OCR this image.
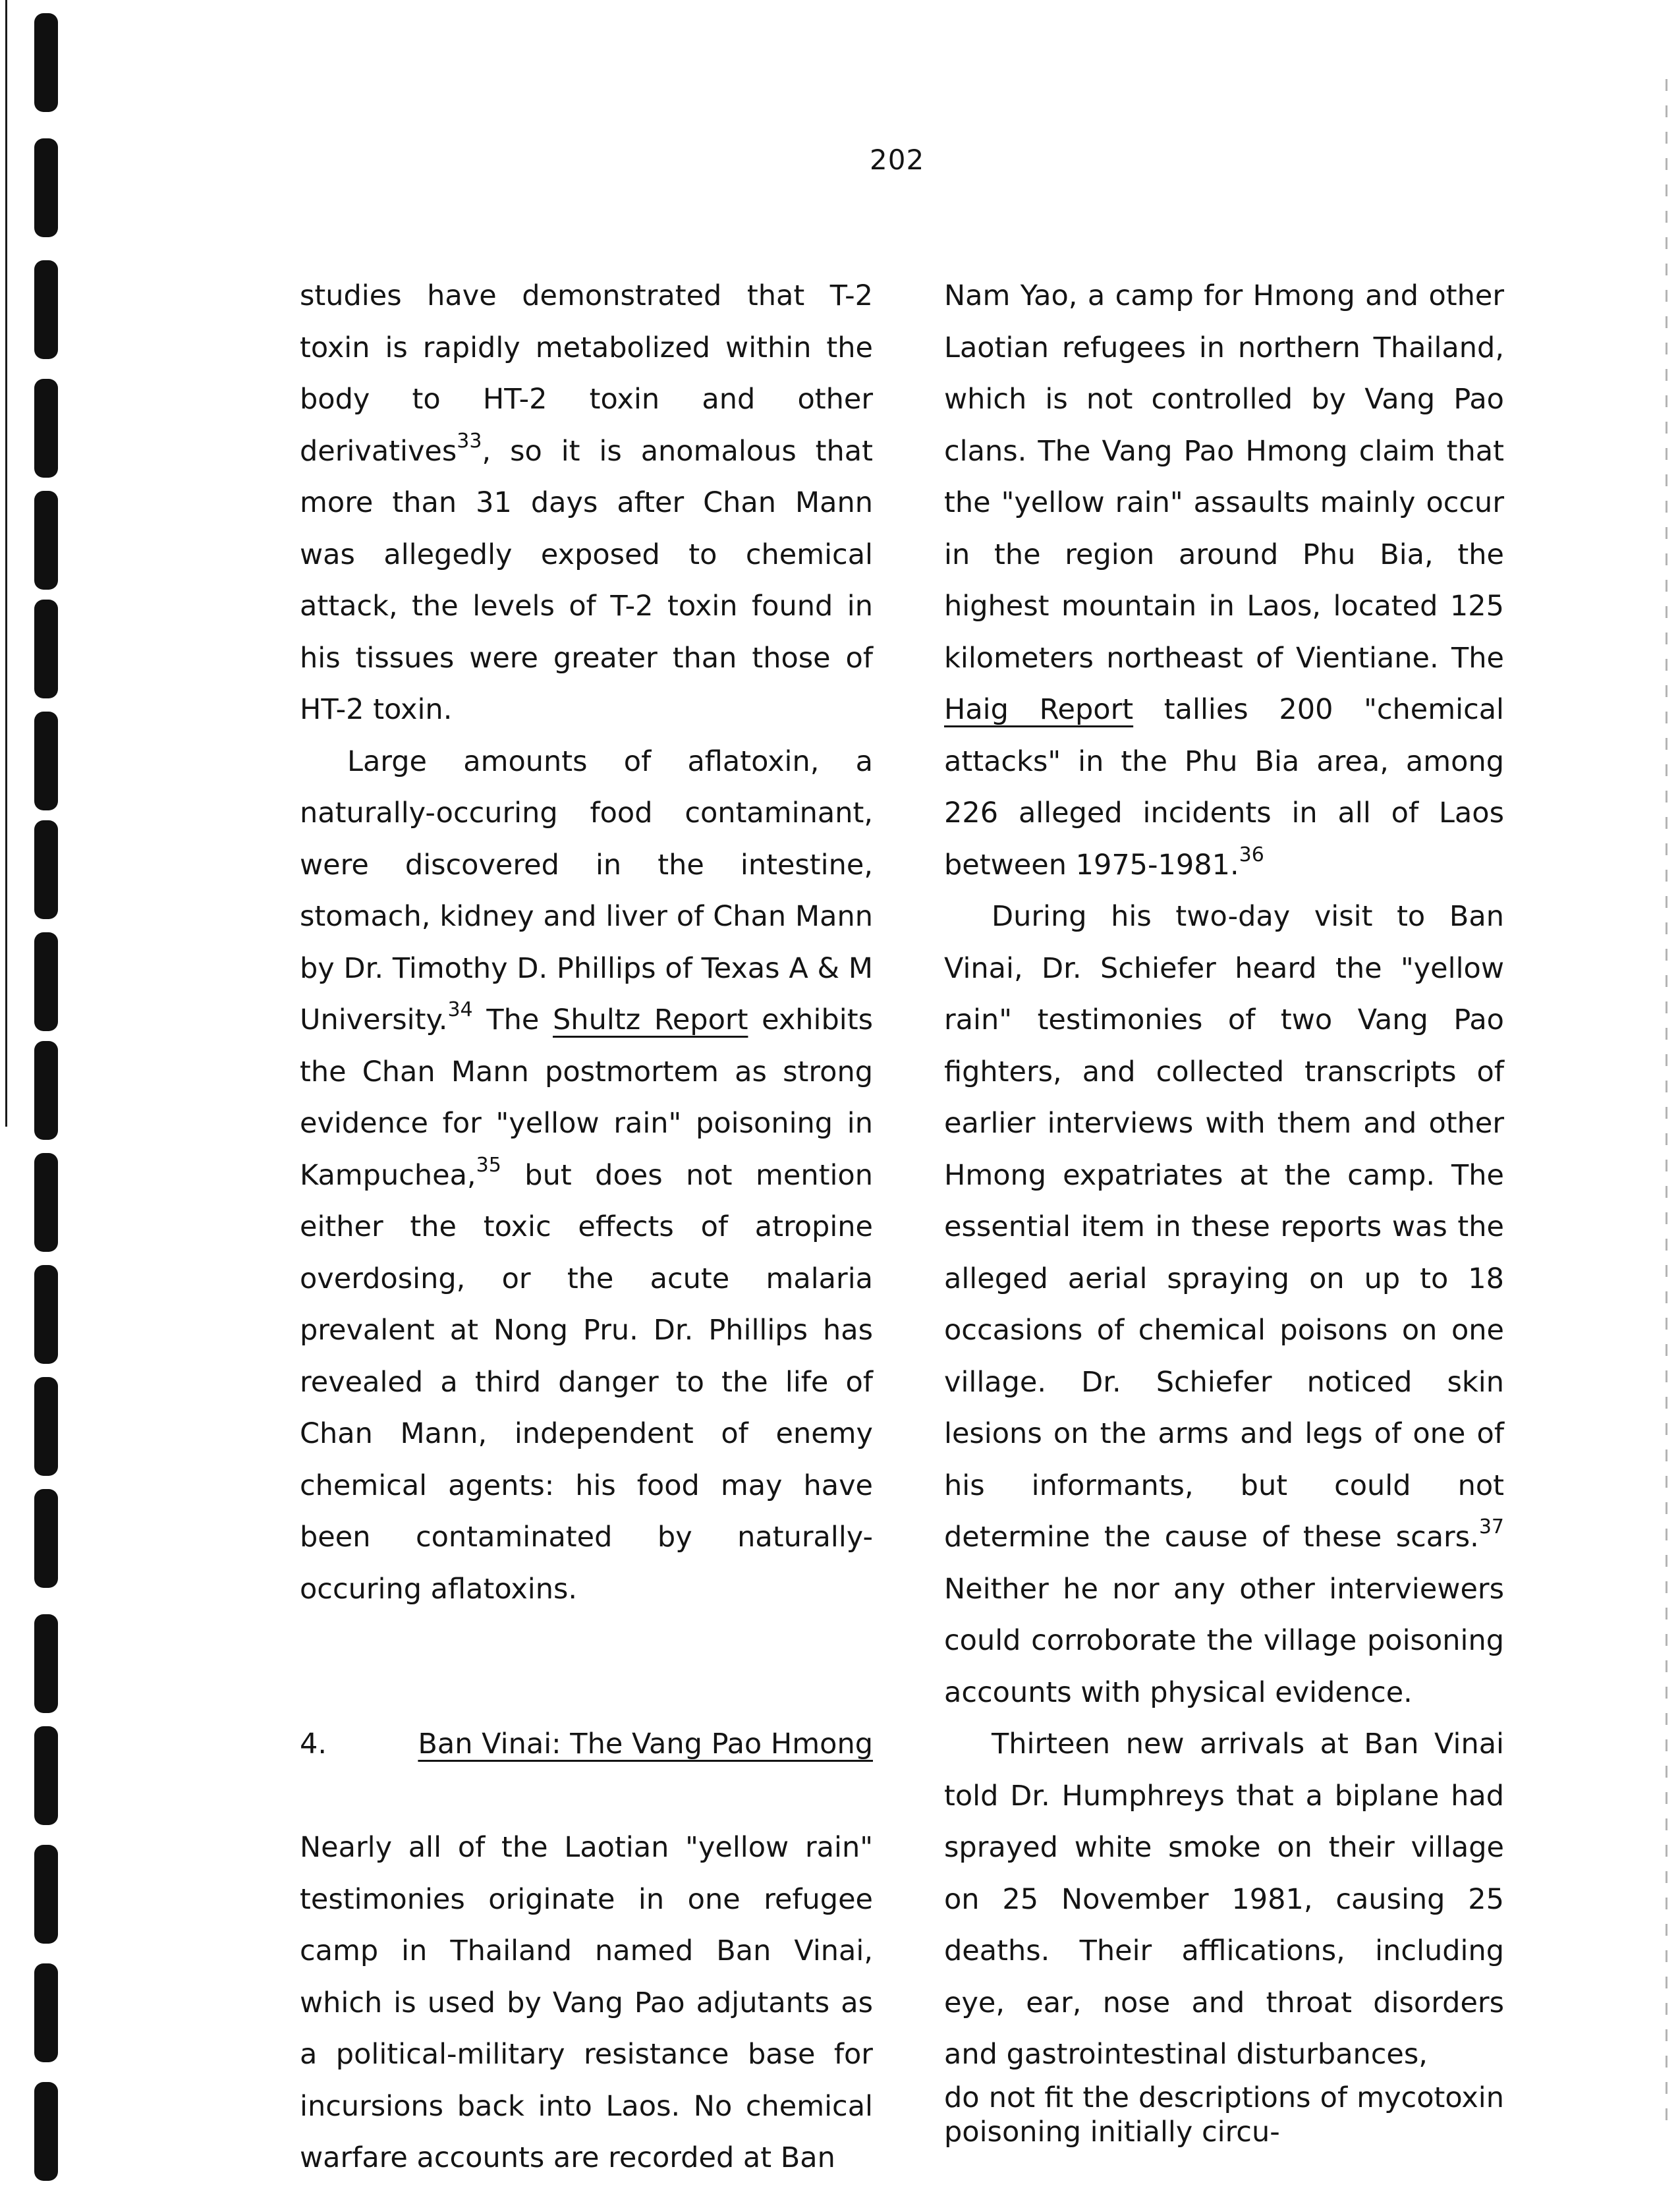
202

studies have demonstrated that T-2 toxin is rapidly metabolized within the body to HT-2 toxin and other derivatives$^{33}$, so it is anomalous that more than 31 days after Chan Mann was allegedly exposed to chemical attack, the levels of T-2 toxin found in his tissues were greater than those of HT-2 toxin.

Large amounts of aflatoxin, a naturally-occuring food contaminant, were discovered in the intestine, stomach, kidney and liver of Chan Mann by Dr. Timothy D. Phillips of Texas A & M University.$^{34}$ The Shultz Report exhibits the Chan Mann postmortem as strong evidence for "yellow rain" poisoning in Kampuchea,$^{35}$ but does not mention either the toxic effects of atropine overdosing, or the acute malaria prevalent at Nong Pru. Dr. Phillips has revealed a third danger to the life of Chan Mann, independent of enemy chemical agents: his food may have been contaminated by naturally-occuring aflatoxins.

4.	Ban Vinai: The Vang Pao Hmong

Nearly all of the Laotian "yellow rain" testimonies originate in one refugee camp in Thailand named Ban Vinai, which is used by Vang Pao adjutants as a political-military resistance base for incursions back into Laos. No chemical warfare accounts are recorded at Ban

Nam Yao, a camp for Hmong and other Laotian refugees in northern Thailand, which is not controlled by Vang Pao clans. The Vang Pao Hmong claim that the "yellow rain" assaults mainly occur in the region around Phu Bia, the highest mountain in Laos, located 125 kilometers northeast of Vientiane. The Haig Report tallies 200 "chemical attacks" in the Phu Bia area, among 226 alleged incidents in all of Laos between 1975-1981.36

During his two-day visit to Ban Vinai, Dr. Schiefer heard the "yellow rain" testimonies of two Vang Pao fighters, and collected transcripts of earlier interviews with them and other Hmong expatriates at the camp. The essential item in these reports was the alleged aerial spraying on up to 18 occasions of chemical poisons on one village. Dr. Schiefer noticed skin lesions on the arms and legs of one of his informants, but could not determine the cause of these scars.$^{37}$ Neither he nor any other interviewers could corroborate the village poisoning accounts with physical evidence.

Thirteen new arrivals at Ban Vinai told Dr. Humphreys that a biplane had sprayed white smoke on their village on 25 November 1981, causing 25 deaths. Their afflications, including eye, ear, nose and throat disorders and gastrointestinal disturbances,

do not fit the descriptions of mycotoxin poisoning initially circu-
